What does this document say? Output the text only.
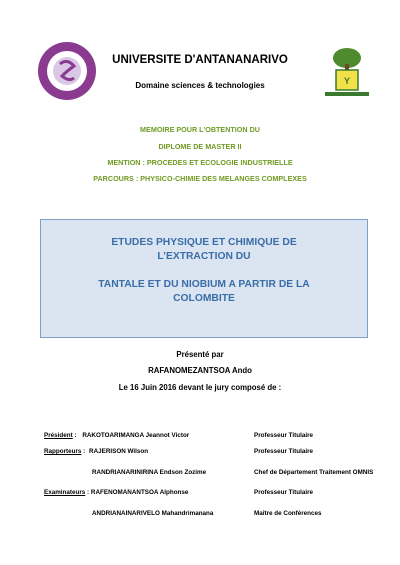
Y
UNIVERSITE D'ANTANANARIVO
Domaine sciences & technologies
MEMOIRE POUR L'OBTENTION DU
DIPLOME DE MASTER II
MENTION : PROCEDES ET ECOLOGIE INDUSTRIELLE
PARCOURS : PHYSICO-CHIMIE DES MELANGES COMPLEXES
ETUDES PHYSIQUE ET CHIMIQUE DE
L’EXTRACTION DU
TANTALE ET DU NIOBIUM A PARTIR DE LA
COLOMBITE
Présenté par
RAFANOMEZANTSOA Ando
Le 16 Juin 2016 devant le jury composé de :
Président : RAKOTOARIMANGA Jeannot Victor	Professeur Titulaire
Rapporteurs : RAJERISON Wilson	Professeur Titulaire
RANDRIANARINIRINA Endson Zozime	Chef de Département Traitement OMNIS
Examinateurs : RAFENOMANANTSOA Alphonse	Professeur Titulaire
ANDRIANAINARIVELO Mahandrimanana	Maître de Conférences
